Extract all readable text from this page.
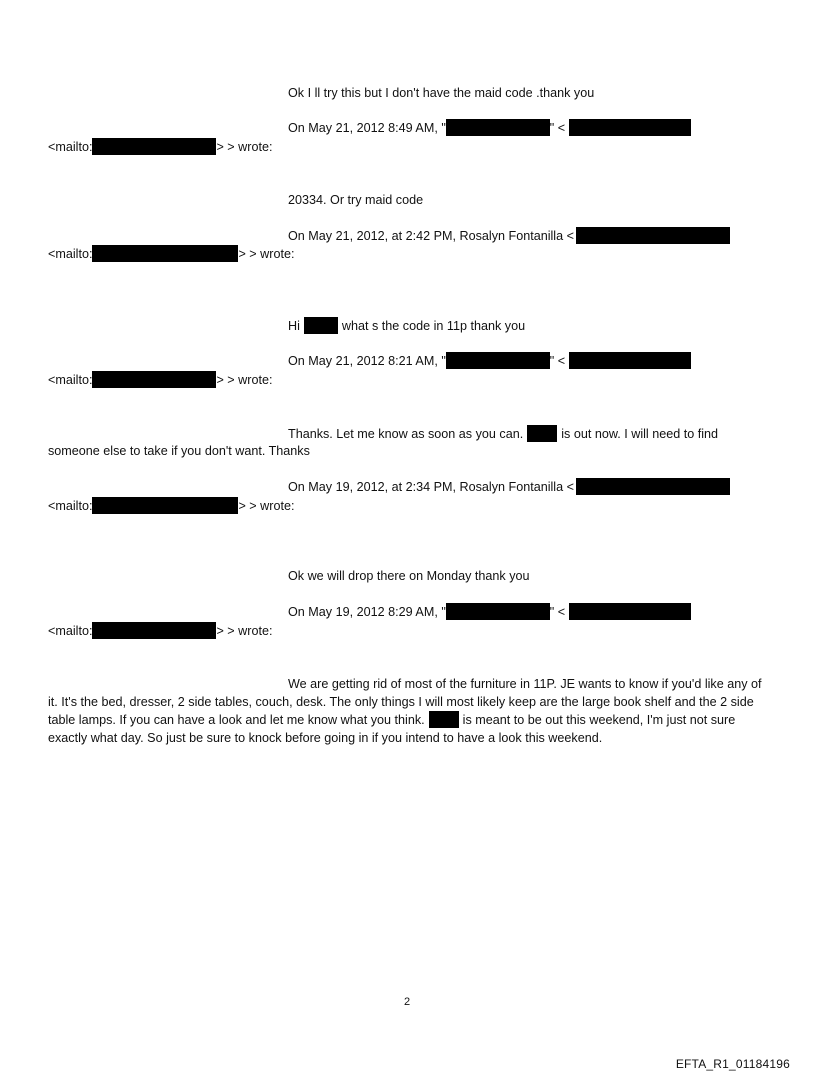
Ok I ll try this but I don't have the maid code .thank you
On May 21, 2012 8:49 AM, "	" <
<mailto:	> > wrote:
20334. Or try maid code
On May 21, 2012, at 2:42 PM, Rosalyn Fontanilla <
<mailto:	> > wrote:
Hi	what s the code in 11p thank you
On May 21, 2012 8:21 AM, "	" <
<mailto:	> > wrote:
Thanks. Let me know as soon as you can.	is out now. I will need to find
someone else to take if you don't want. Thanks
On May 19, 2012, at 2:34 PM, Rosalyn Fontanilla <
<mailto:	> > wrote:
Ok we will drop there on Monday thank you
On May 19, 2012 8:29 AM, "	" <
<mailto:	> > wrote:
We are getting rid of most of the furniture in 11P. JE wants to know if you'd like any of it. It's the bed, dresser, 2 side tables, couch, desk. The only things I will most likely keep are the large book shelf and the 2 side table lamps. If you can have a look and let me know what you think.	is meant to be out this weekend, I'm just not sure exactly what day. So just be sure to knock before going in if you intend to have a look this weekend.
2
EFTA_R1_01184196
